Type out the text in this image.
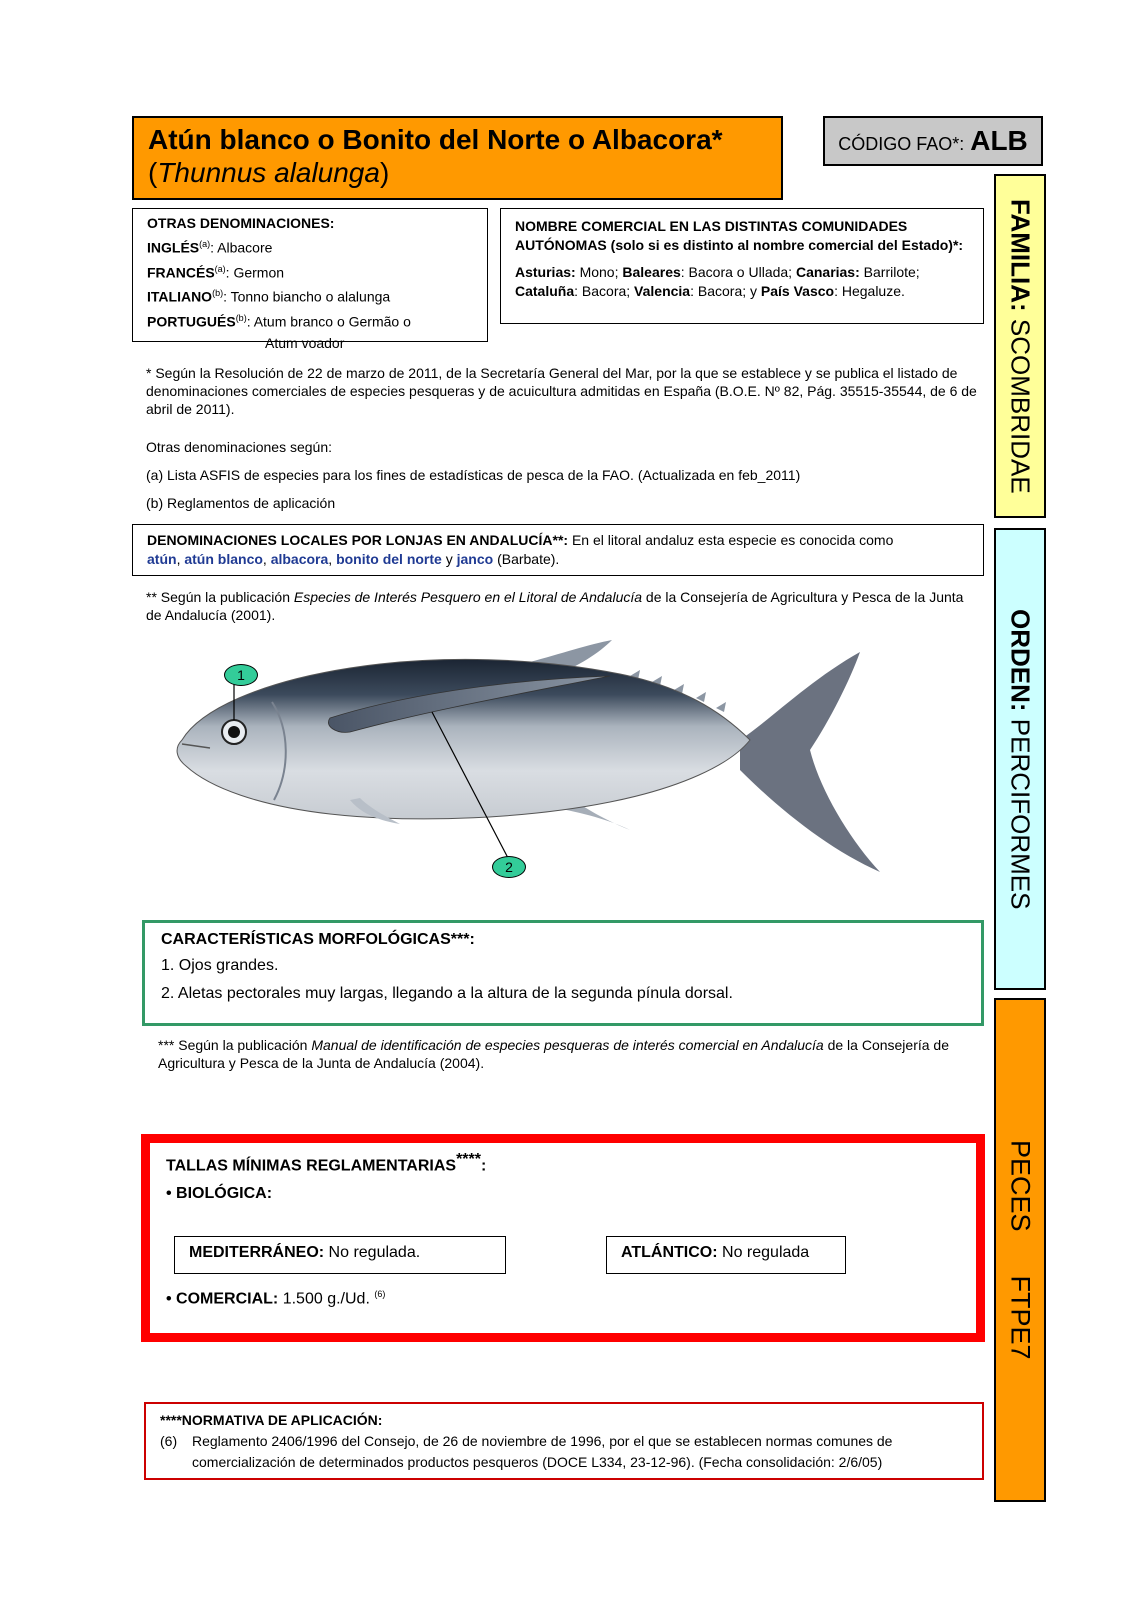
Atún blanco o Bonito del Norte o Albacora*
(Thunnus alalunga)
CÓDIGO FAO*: ALB
FAMILIA: SCOMBRIDAE
ORDEN: PERCIFORMES
PECESFTPE7
OTRAS DENOMINACIONES:
INGLÉS$^{(a)}$: Albacore
FRANCÉS$^{(a)}$: Germon
ITALIANO$^{(b)}$: Tonno biancho o alalunga
PORTUGUÉS$^{(b)}$: Atum branco o Germão o
Atum voador
NOMBRE COMERCIAL EN LAS DISTINTAS COMUNIDADES AUTÓNOMAS (solo si es distinto al nombre comercial del Estado)*:
Asturias: Mono; Baleares: Bacora o Ullada; Canarias: Barrilote;
Cataluña: Bacora; Valencia: Bacora; y País Vasco: Hegaluze.
* Según la Resolución de 22 de marzo de 2011, de la Secretaría General del Mar, por la que se establece y se publica el listado de denominaciones comerciales de especies pesqueras y de acuicultura admitidas en España (B.O.E. Nº 82, Pág. 35515-35544, de 6 de abril de 2011).
Otras denominaciones según:
(a) Lista ASFIS de especies para los fines de estadísticas de pesca de la FAO. (Actualizada en feb_2011)
(b) Reglamentos de aplicación
DENOMINACIONES LOCALES POR LONJAS EN ANDALUCÍA**: En el litoral andaluz esta especie es conocida como
atún, atún blanco, albacora, bonito del norte y janco (Barbate).
** Según la publicación Especies de Interés Pesquero en el Litoral de Andalucía de la Consejería de Agricultura y Pesca de la Junta de Andalucía (2001).
1
2
CARACTERÍSTICAS MORFOLÓGICAS***:
1. Ojos grandes.
2. Aletas pectorales muy largas, llegando a la altura de la segunda pínula dorsal.
*** Según la publicación Manual de identificación de especies pesqueras de interés comercial en Andalucía de la Consejería de Agricultura y Pesca de la Junta de Andalucía (2004).
TALLAS MÍNIMAS REGLAMENTARIAS****:
• BIOLÓGICA:
MEDITERRÁNEO: No regulada.	ATLÁNTICO: No regulada
• COMERCIAL: 1.500 g./Ud. $^{(6)}$
****NORMATIVA DE APLICACIÓN:
(6) Reglamento 2406/1996 del Consejo, de 26 de noviembre de 1996, por el que se establecen normas comunes de
comercialización de determinados productos pesqueros (DOCE L334, 23-12-96). (Fecha consolidación: 2/6/05)
